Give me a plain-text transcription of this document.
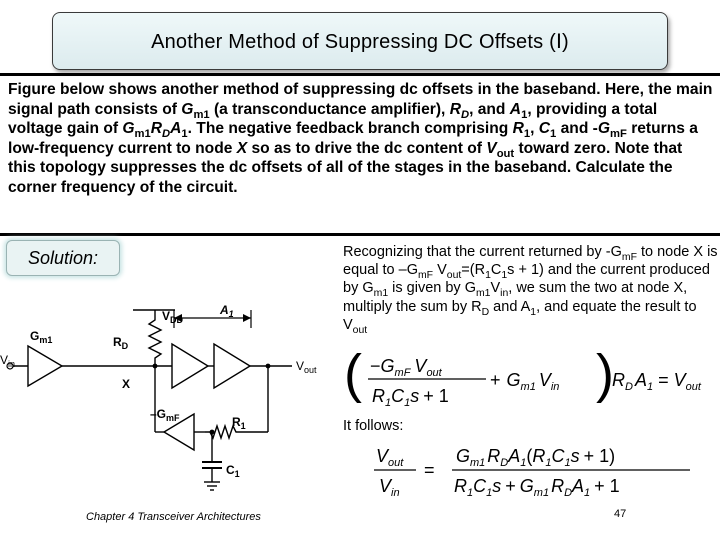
Another Method of Suppressing DC Offsets (Ⅰ)
Figure below shows another method of suppressing dc offsets in the baseband. Here, the main signal path consists of $G_{m1}$ (a transconductance amplifier), $R_D$, and $A_1$, providing a total voltage gain of $G_{m1}R_DA_1$. The negative feedback branch comprising $R_1$, $C_1$ and $-G_{mF}$ returns a low-frequency current to node X so as to drive the dc content of $V_{out}$ toward zero. Note that this topology suppresses the dc offsets of all of the stages in the baseband. Calculate the corner frequency of the circuit.
Solution:	Recognizing that the current returned by $-G_{mF}$ to node X is equal to $-G_{mF}$ $V_{out}=(R_1C_1s + 1)$ and the current produced by $G_{m1}$ is given by $G_{m1}V_{in}$, we sum the two at node X, multiply the sum by $R_D$ and $A_1$, and equate the result to $V_{out}$
$V_{DD}$
$G_{m1}$	$R_D$
$A_1$
$V_{in}$	$V_{out}$
X
$-G_{mF}$	$R_1$
$C_1$
( $-G_{mF}$ $V_{out}$
$R_1C_1s + 1$
+ $G_{m1}$ $V_{in}$ )
$R_D$ $A_1 = V_{out}$
It follows:
$V_{out}$
$V_{in}$
=
$G_{m1}$ $R_DA_1(R_1C_1s + 1)$
$R_1C_1s + G_{m1}$ $R_DA_1 + 1$
Chapter 4 Transceiver Architectures	47
